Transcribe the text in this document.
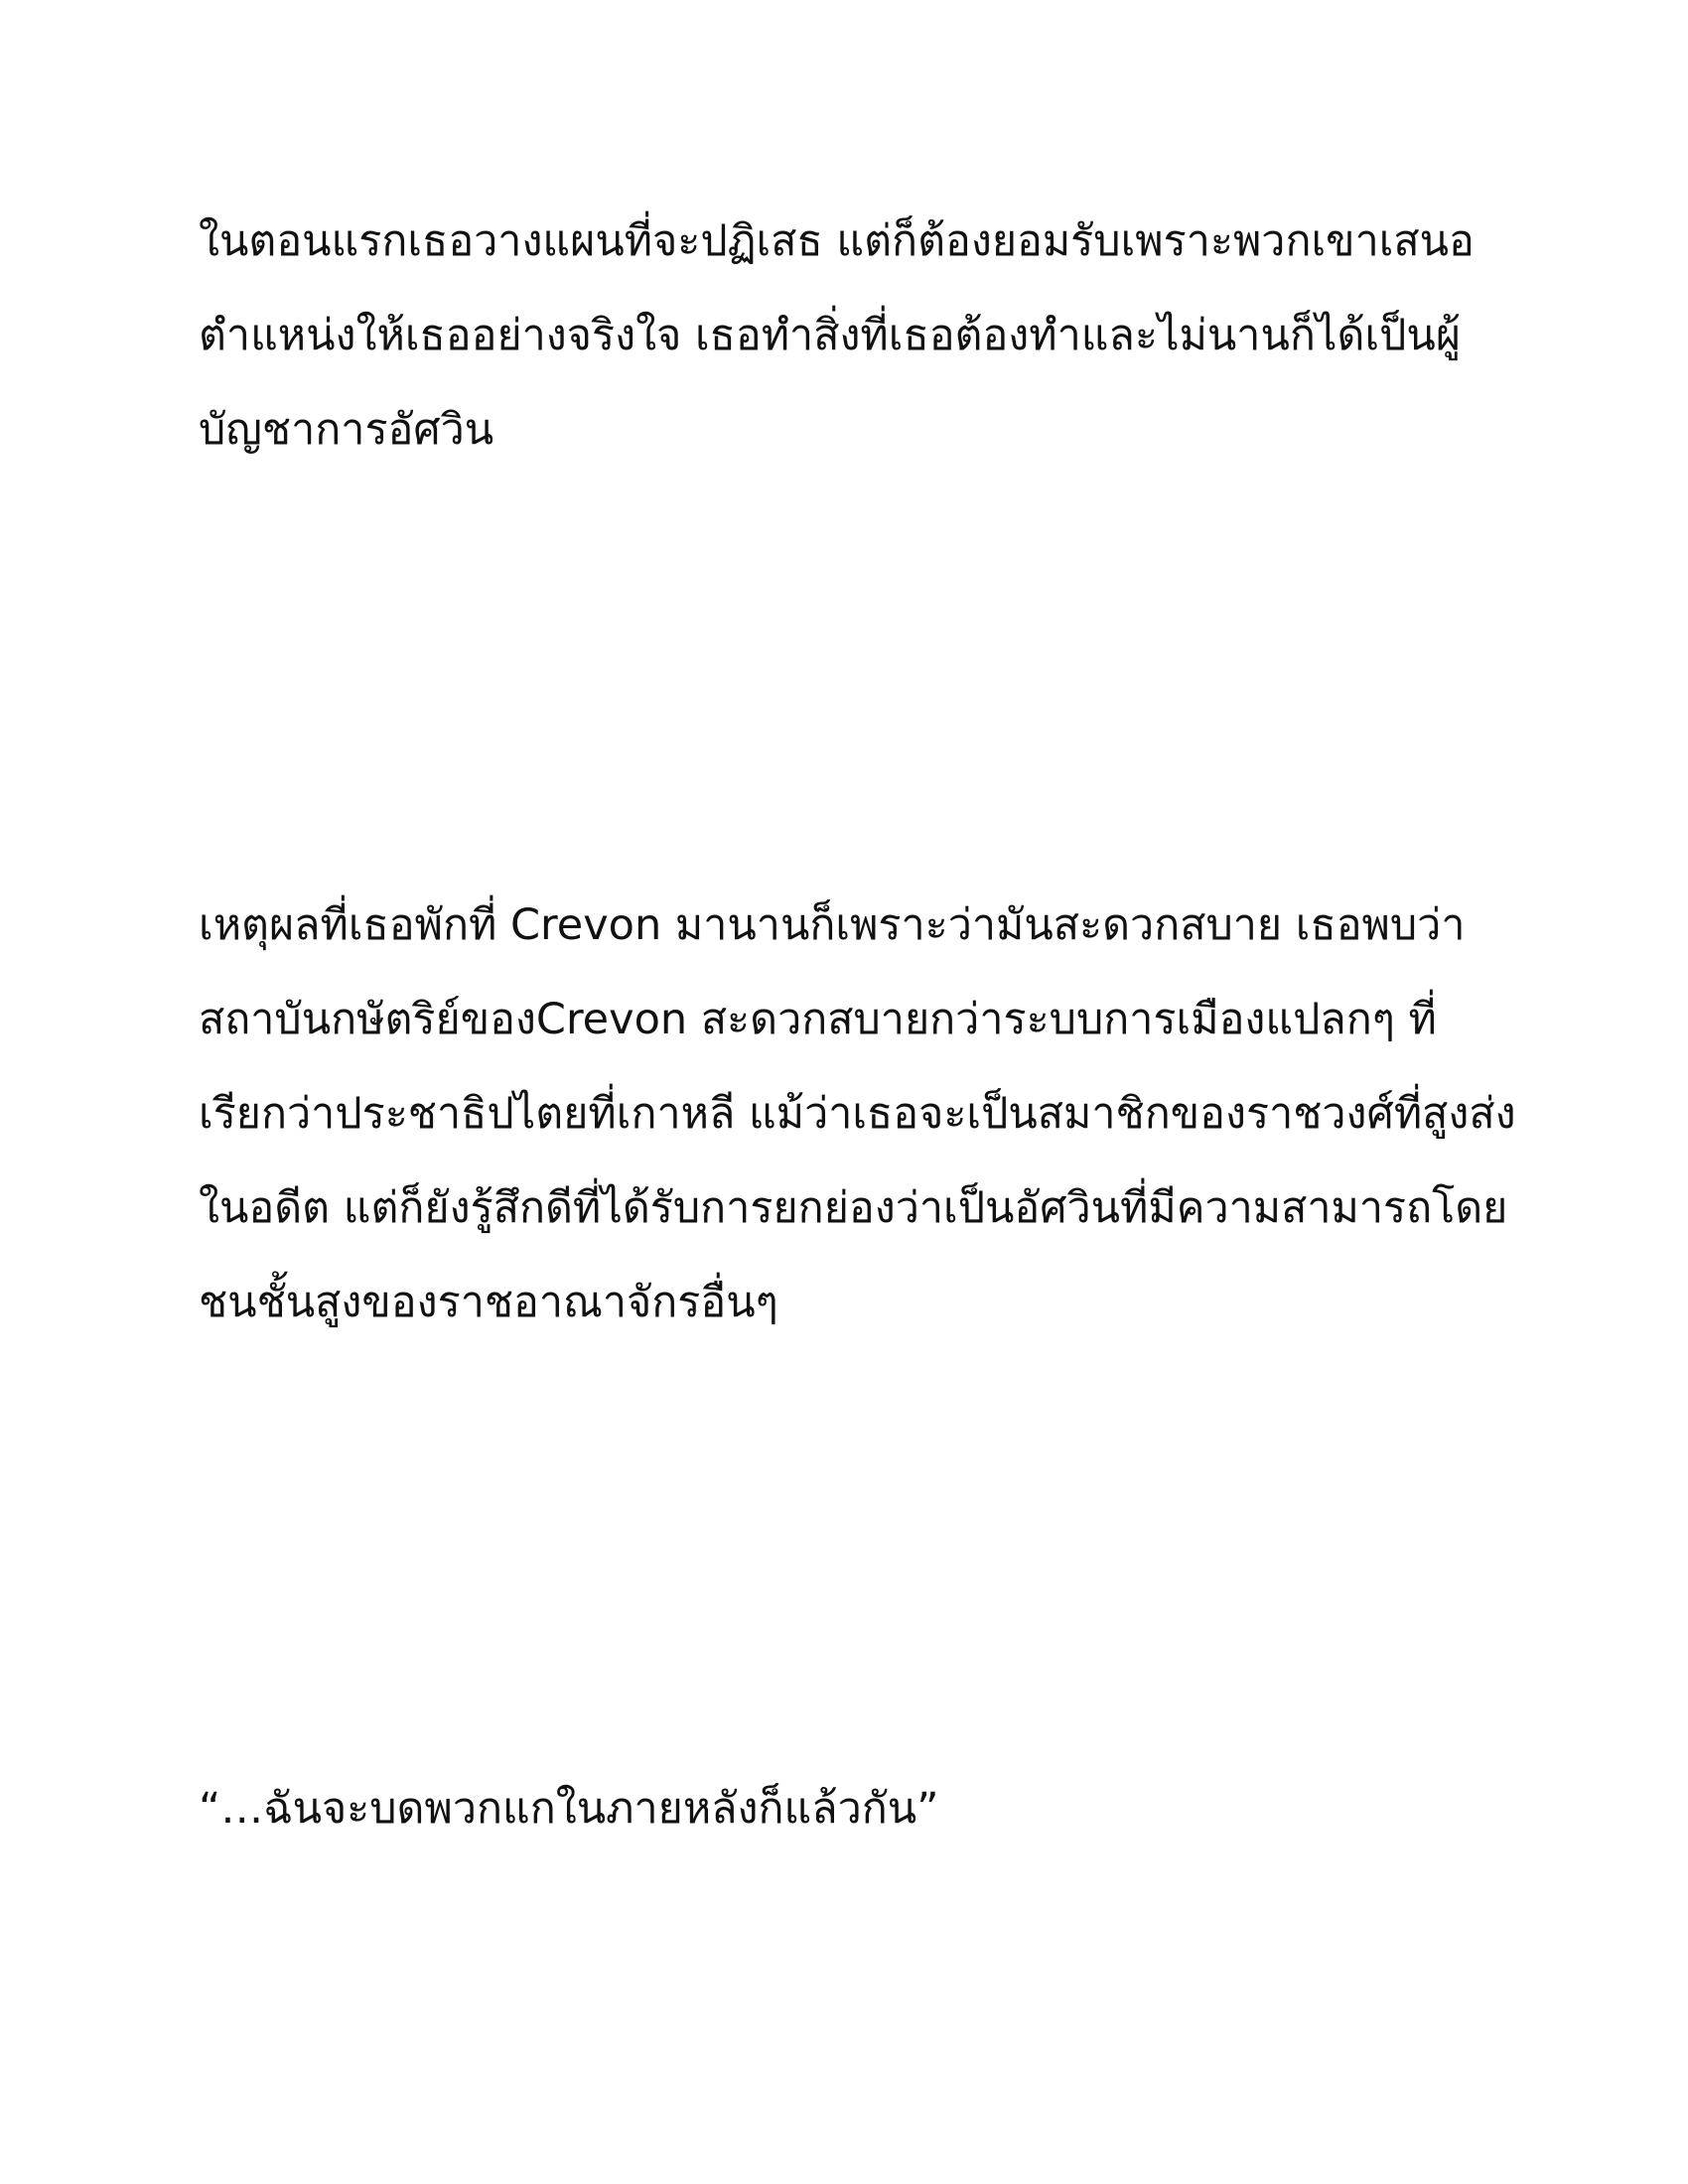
ในตอนแรกเธอวางแผนที่จะปฏิเสธ แต่ก็ต้องยอมรับเพราะพวกเขาเสนอ
ตำแหน่งให้เธออย่างจริงใจ เธอทำสิ่งที่เธอต้องทำและไม่นานก็ได้เป็นผู้
บัญชาการอัศวิน

เหตุผลที่เธอพักที่ Crevon มานานก็เพราะว่ามันสะดวกสบาย เธอพบว่า
สถาบันกษัตริย์ของCrevon สะดวกสบายกว่าระบบการเมืองแปลกๆ ที่
เรียกว่าประชาธิปไตยที่เกาหลี แม้ว่าเธอจะเป็นสมาชิกของราชวงศ์ที่สูงส่ง
ในอดีต แต่ก็ยังรู้สึกดีที่ได้รับการยกย่องว่าเป็นอัศวินที่มีความสามารถโดย
ชนชั้นสูงของราชอาณาจักรอื่นๆ

“…ฉันจะบดพวกแกในภายหลังก็แล้วกัน”
